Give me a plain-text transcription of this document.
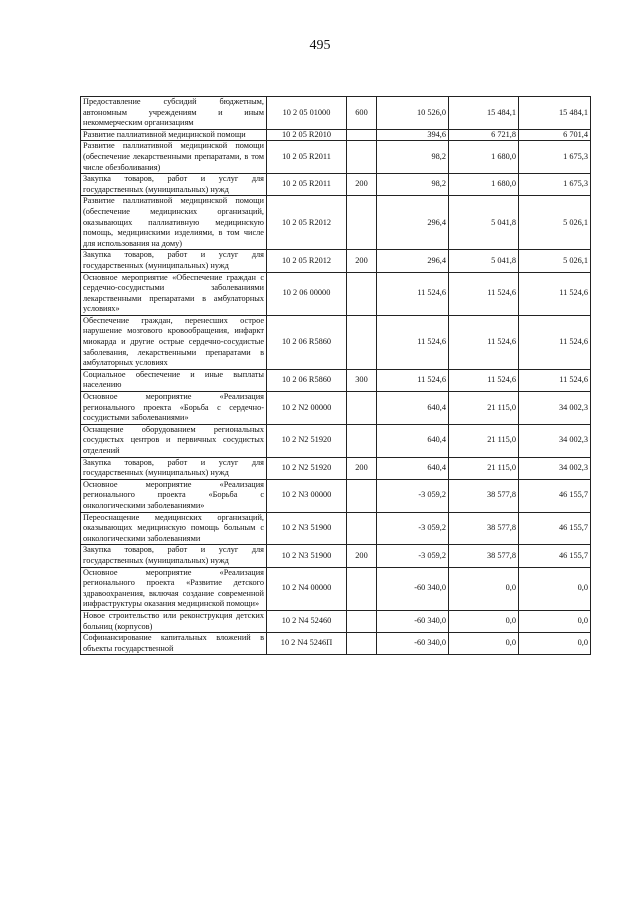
495
Предоставление субсидий бюджетным, автономным учреждениям и иным некоммерческим организациям	10 2 05 01000	600	10 526,0	15 484,1	15 484,1
Развитие паллиативной медицинской помощи	10 2 05 R2010		394,6	6 721,8	6 701,4
Развитие паллиативной медицинской помощи (обеспечение лекарственными препаратами, в том числе обезболивания)	10 2 05 R2011		98,2	1 680,0	1 675,3
Закупка товаров, работ и услуг для государственных (муниципальных) нужд	10 2 05 R2011	200	98,2	1 680,0	1 675,3
Развитие паллиативной медицинской помощи (обеспечение медицинских организаций, оказывающих паллиативную медицинскую помощь, медицинскими изделиями, в том числе для использования на дому)	10 2 05 R2012		296,4	5 041,8	5 026,1
Закупка товаров, работ и услуг для государственных (муниципальных) нужд	10 2 05 R2012	200	296,4	5 041,8	5 026,1
Основное мероприятие «Обеспечение граждан с сердечно-сосудистыми заболеваниями лекарственными препаратами в амбулаторных условиях»	10 2 06 00000		11 524,6	11 524,6	11 524,6
Обеспечение граждан, перенесших острое нарушение мозгового кровообращения, инфаркт миокарда и другие острые сердечно-сосудистые заболевания, лекарственными препаратами в амбулаторных условиях	10 2 06 R5860		11 524,6	11 524,6	11 524,6
Социальное обеспечение и иные выплаты населению	10 2 06 R5860	300	11 524,6	11 524,6	11 524,6
Основное мероприятие «Реализация регионального проекта «Борьба с сердечно-сосудистыми заболеваниями»	10 2 N2 00000		640,4	21 115,0	34 002,3
Оснащение оборудованием региональных сосудистых центров и первичных сосудистых отделений	10 2 N2 51920		640,4	21 115,0	34 002,3
Закупка товаров, работ и услуг для государственных (муниципальных) нужд	10 2 N2 51920	200	640,4	21 115,0	34 002,3
Основное мероприятие «Реализация регионального проекта «Борьба с онкологическими заболеваниями»	10 2 N3 00000		-3 059,2	38 577,8	46 155,7
Переоснащение медицинских организаций, оказывающих медицинскую помощь больным с онкологическими заболеваниями	10 2 N3 51900		-3 059,2	38 577,8	46 155,7
Закупка товаров, работ и услуг для государственных (муниципальных) нужд	10 2 N3 51900	200	-3 059,2	38 577,8	46 155,7
Основное мероприятие «Реализация регионального проекта «Развитие детского здравоохранения, включая создание современной инфраструктуры оказания медицинской помощи»	10 2 N4 00000		-60 340,0	0,0	0,0
Новое строительство или реконструкция детских больниц (корпусов)	10 2 N4 52460		-60 340,0	0,0	0,0
Софинансирование капитальных вложений в объекты государственной	10 2 N4 5246П		-60 340,0	0,0	0,0
